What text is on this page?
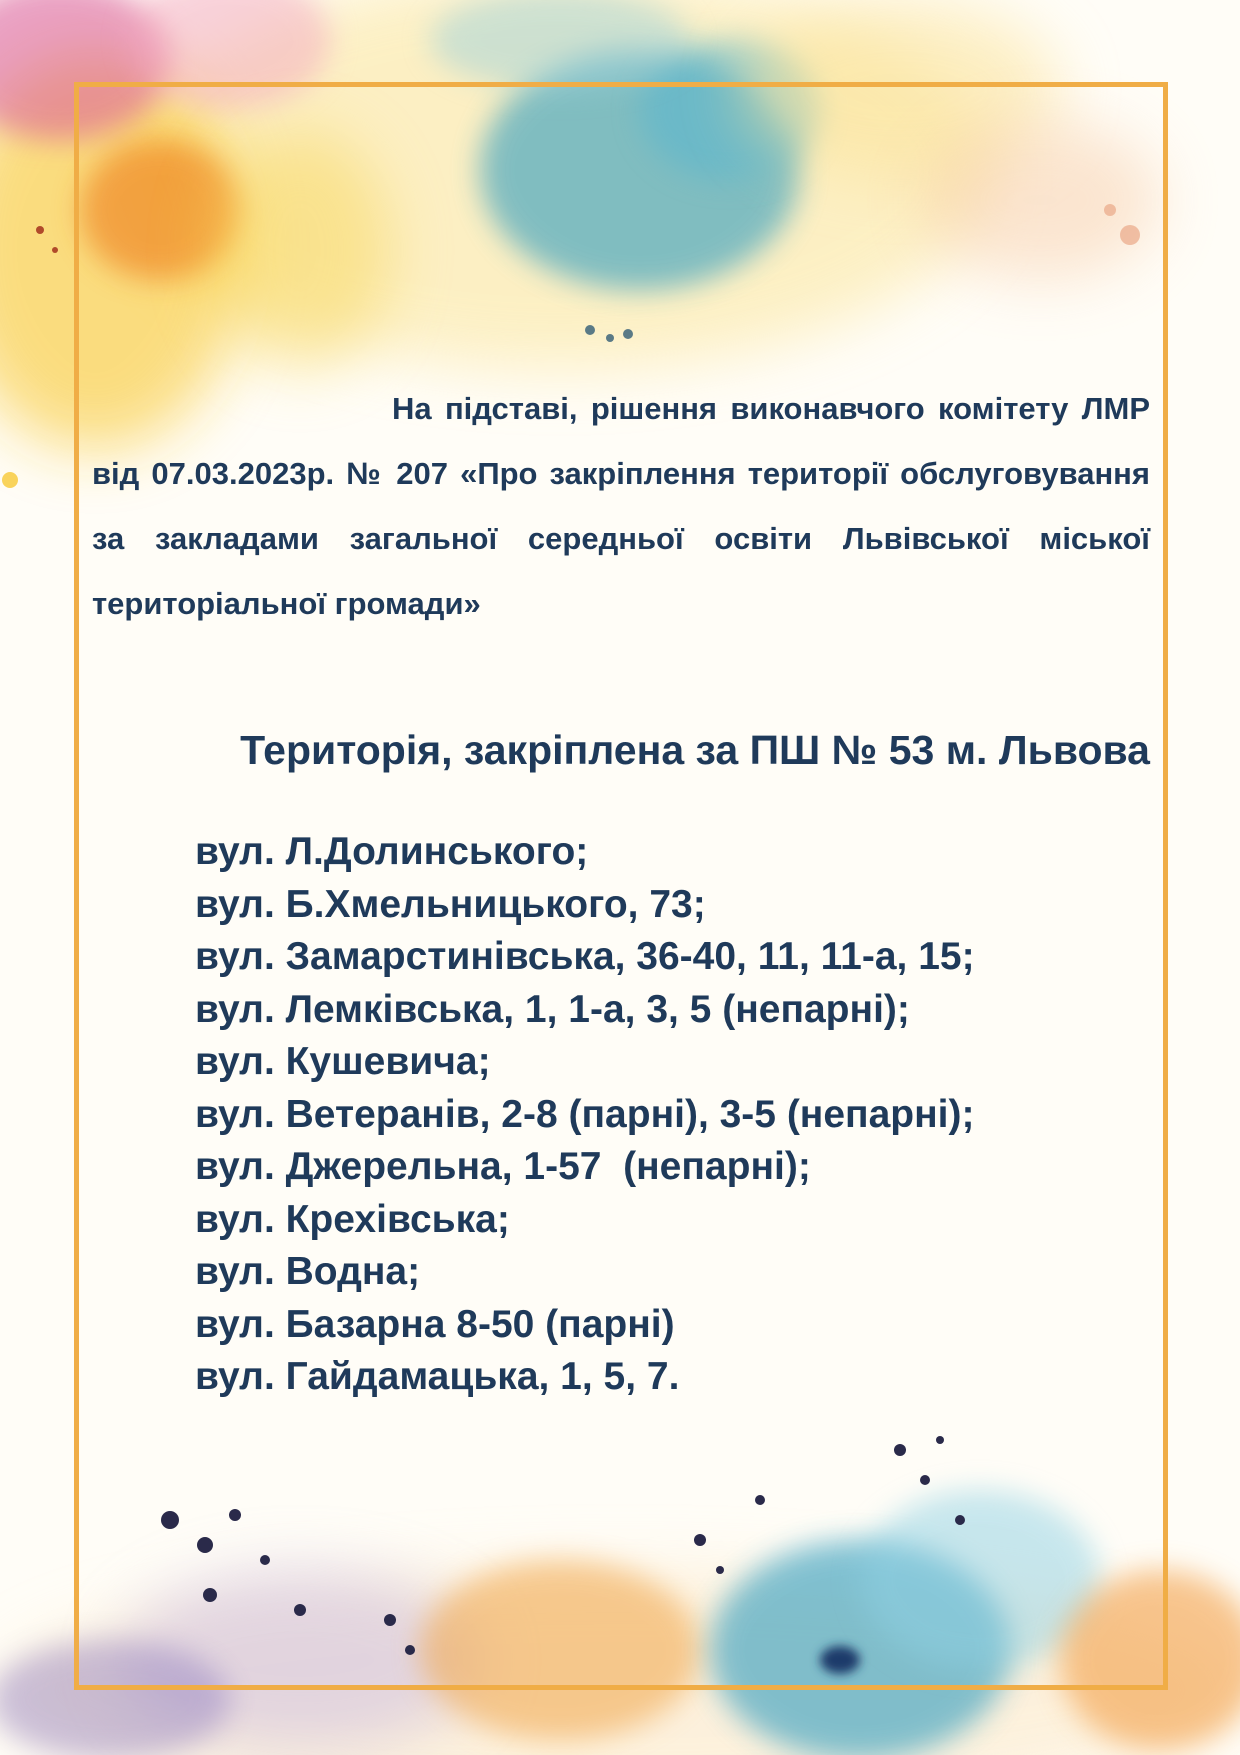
На підставі, рішення виконавчого комітету ЛМР від 07.03.2023р. № 207 «Про закріплення території обслуговування за закладами загальної середньої освіти Львівської міської територіальної громади»

Територія, закріплена за ПШ № 53 м. Львова
вул. Л.Долинського;
вул. Б.Хмельницького, 73;
вул. Замарстинівська, 36-40, 11, 11-а, 15;
вул. Лемківська, 1, 1-а, 3, 5 (непарні);
вул. Кушевича;
вул. Ветеранів, 2-8 (парні), 3-5 (непарні);
вул. Джерельна, 1-57  (непарні);
вул. Крехівська;
вул. Водна;
вул. Базарна 8-50 (парні)
вул. Гайдамацька, 1, 5, 7.
